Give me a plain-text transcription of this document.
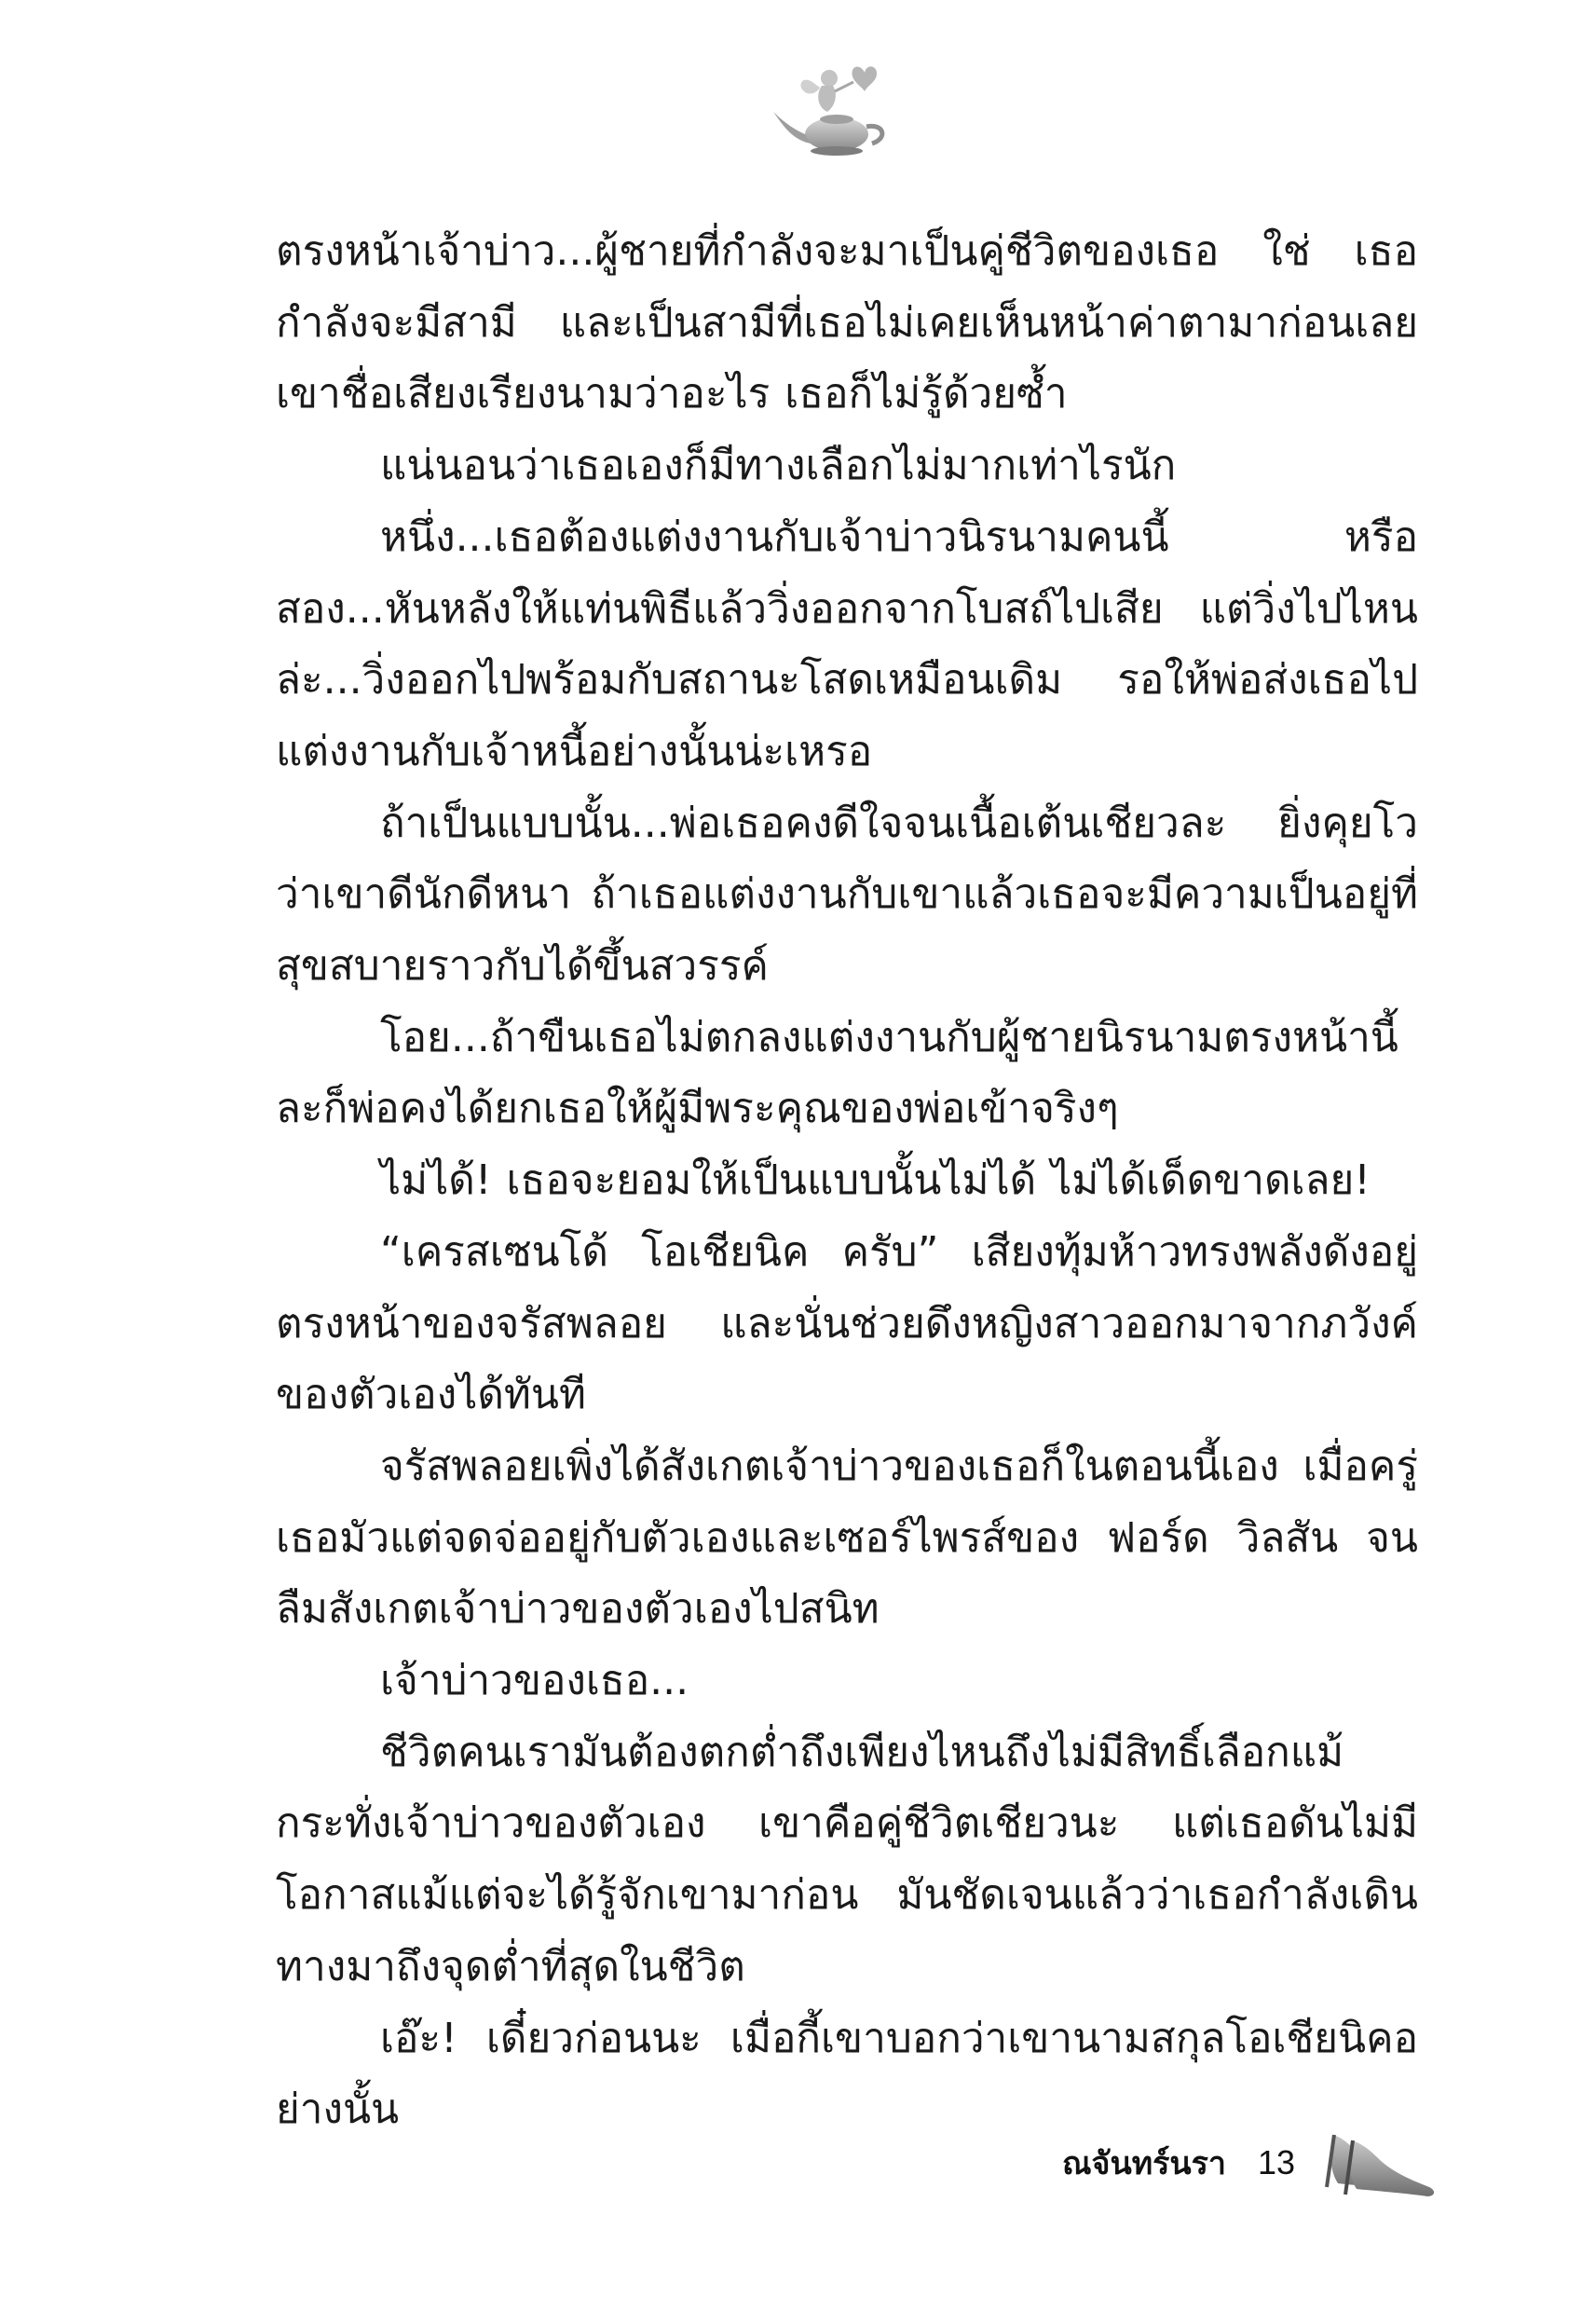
ตรงหน้าเจ้าบ่าว...ผู้ชายที่กำลังจะมาเป็นคู่ชีวิตของเธอ ใช่ เธอกำลังจะมีสามี และเป็นสามีที่เธอไม่เคยเห็นหน้าค่าตามาก่อนเลย เขาชื่อเสียงเรียงนามว่าอะไร เธอก็ไม่รู้ด้วยซ้ำ

แน่นอนว่าเธอเองก็มีทางเลือกไม่มากเท่าไรนัก

หนึ่ง...เธอต้องแต่งงานกับเจ้าบ่าวนิรนามคนนี้ หรือสอง...หันหลังให้แท่นพิธีแล้ววิ่งออกจากโบสถ์ไปเสีย แต่วิ่งไปไหนล่ะ...วิ่งออกไปพร้อมกับสถานะโสดเหมือนเดิม รอให้พ่อส่งเธอไปแต่งงานกับเจ้าหนี้อย่างนั้นน่ะเหรอ

ถ้าเป็นแบบนั้น...พ่อเธอคงดีใจจนเนื้อเต้นเชียวละ ยิ่งคุยโวว่าเขาดีนักดีหนา ถ้าเธอแต่งงานกับเขาแล้วเธอจะมีความเป็นอยู่ที่สุขสบายราวกับได้ขึ้นสวรรค์

โอย...ถ้าขืนเธอไม่ตกลงแต่งงานกับผู้ชายนิรนามตรงหน้านี้ละก็พ่อคงได้ยกเธอให้ผู้มีพระคุณของพ่อเข้าจริงๆ

ไม่ได้! เธอจะยอมให้เป็นแบบนั้นไม่ได้ ไม่ได้เด็ดขาดเลย!

“เครสเซนโด้ โอเชียนิค ครับ” เสียงทุ้มห้าวทรงพลังดังอยู่ตรงหน้าของจรัสพลอย และนั่นช่วยดึงหญิงสาวออกมาจากภวังค์ของตัวเองได้ทันที

จรัสพลอยเพิ่งได้สังเกตเจ้าบ่าวของเธอก็ในตอนนี้เอง เมื่อครู่เธอมัวแต่จดจ่ออยู่กับตัวเองและเซอร์ไพรส์ของ ฟอร์ด วิลสัน จนลืมสังเกตเจ้าบ่าวของตัวเองไปสนิท

เจ้าบ่าวของเธอ...

ชีวิตคนเรามันต้องตกต่ำถึงเพียงไหนถึงไม่มีสิทธิ์เลือกแม้กระทั่งเจ้าบ่าวของตัวเอง เขาคือคู่ชีวิตเชียวนะ แต่เธอดันไม่มีโอกาสแม้แต่จะได้รู้จักเขามาก่อน มันชัดเจนแล้วว่าเธอกำลังเดินทางมาถึงจุดต่ำที่สุดในชีวิต

เอ๊ะ! เดี๋ยวก่อนนะ เมื่อกี้เขาบอกว่าเขานามสกุลโอเชียนิคอย่างนั้น

ณจันทร์นรา 13
